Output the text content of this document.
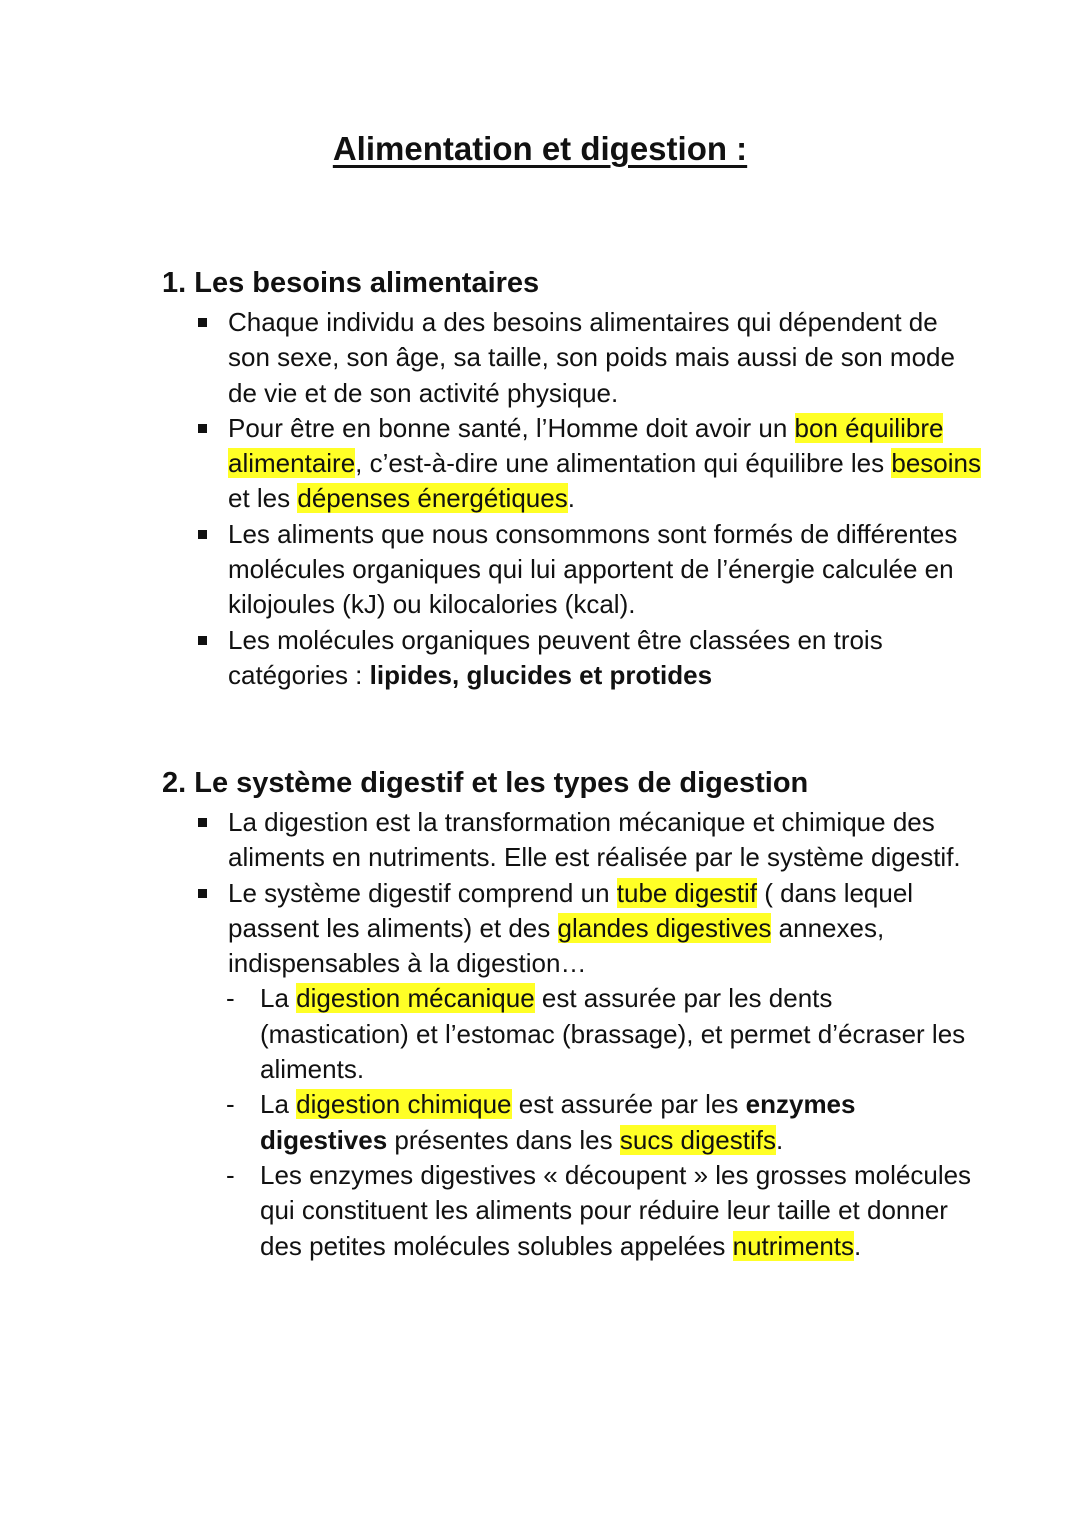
Alimentation et digestion :
1. Les besoins alimentaires
Chaque individu a des besoins alimentaires qui dépendent de son sexe, son âge, sa taille, son poids mais aussi de son mode de vie et de son activité physique.
Pour être en bonne santé, l’Homme doit avoir un bon équilibre alimentaire, c’est-à-dire une alimentation qui équilibre les besoins et les dépenses énergétiques.
Les aliments que nous consommons sont formés de différentes molécules organiques qui lui apportent de l’énergie calculée en kilojoules (kJ) ou kilocalories (kcal).
Les molécules organiques peuvent être classées en trois catégories : lipides, glucides et protides
2. Le système digestif et les types de digestion
La digestion est la transformation mécanique et chimique des aliments en nutriments. Elle est réalisée par le système digestif.
Le système digestif comprend un tube digestif ( dans lequel passent les aliments) et des glandes digestives annexes, indispensables à la digestion…
- La digestion mécanique est assurée par les dents (mastication) et l’estomac (brassage), et permet d’écraser les aliments.
- La digestion chimique est assurée par les enzymes digestives présentes dans les sucs digestifs.
- Les enzymes digestives « découpent » les grosses molécules qui constituent les aliments pour réduire leur taille et donner des petites molécules solubles appelées nutriments.
